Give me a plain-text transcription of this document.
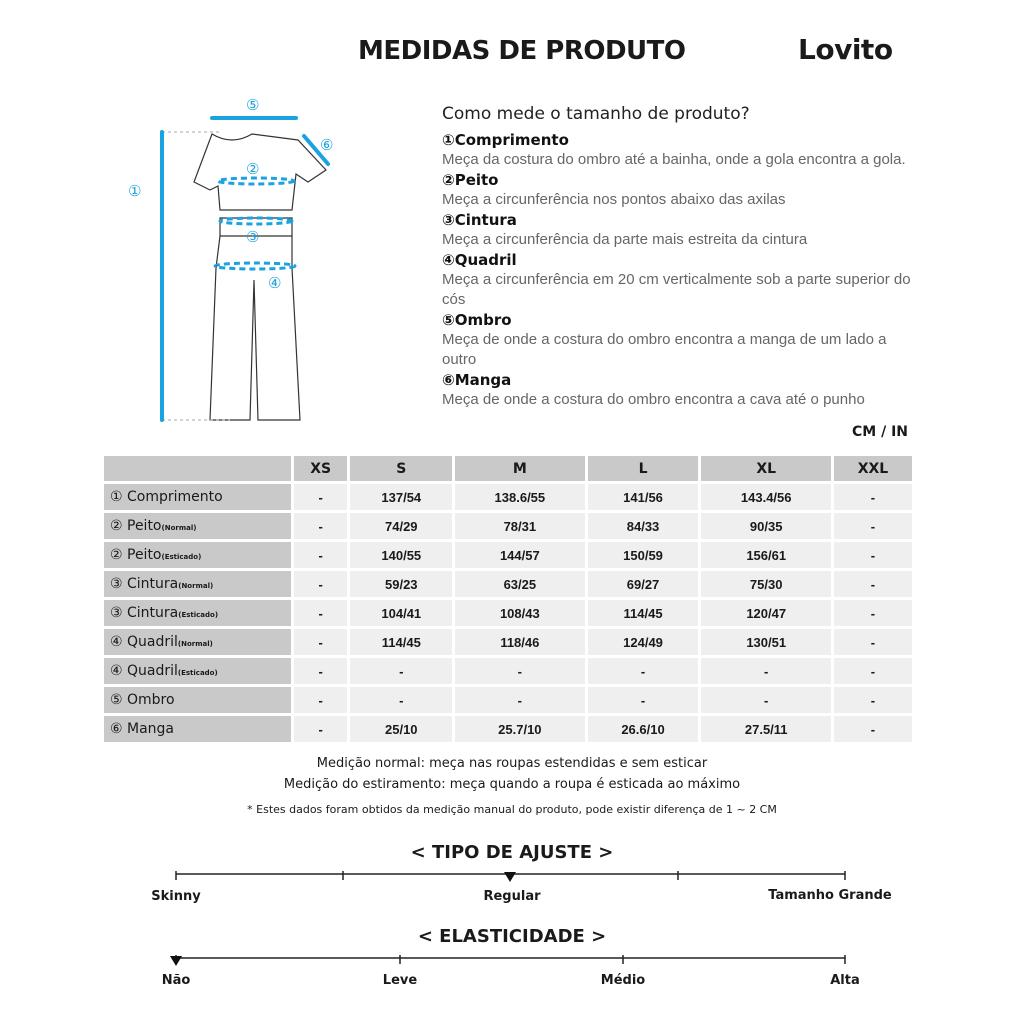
MEDIDAS DE PRODUTO	Lovito
①
②
③
④
⑤
⑥
Como mede o tamanho de produto?
①Comprimento
Meça da costura do ombro até a bainha, onde a gola encontra a gola.
②Peito
Meça a circunferência nos pontos abaixo das axilas
③Cintura
Meça a circunferência da parte mais estreita da cintura
④Quadril
Meça a circunferência em 20 cm verticalmente sob a parte superior do cós
⑤Ombro
Meça de onde a costura do ombro encontra a manga de um lado a outro
⑥Manga
Meça de onde a costura do ombro encontra a cava até o punho
CM / IN
	XS	S	M	L	XL	XXL
① Comprimento	-	137/54	138.6/55	141/56	143.4/56	-
② Peito(Normal)	-	74/29	78/31	84/33	90/35	-
② Peito(Esticado)	-	140/55	144/57	150/59	156/61	-
③ Cintura(Normal)	-	59/23	63/25	69/27	75/30	-
③ Cintura(Esticado)	-	104/41	108/43	114/45	120/47	-
④ Quadril(Normal)	-	114/45	118/46	124/49	130/51	-
④ Quadril(Esticado)	-	-	-	-	-	-
⑤ Ombro	-	-	-	-	-	-
⑥ Manga	-	25/10	25.7/10	26.6/10	27.5/11	-
Medição normal: meça nas roupas estendidas e sem esticar
Medição do estiramento: meça quando a roupa é esticada ao máximo
* Estes dados foram obtidos da medição manual do produto, pode existir diferença de 1 ~ 2 CM
< TIPO DE AJUSTE >
Skinny	Regular	Tamanho Grande
< ELASTICIDADE >
Não	Leve	Médio	Alta
